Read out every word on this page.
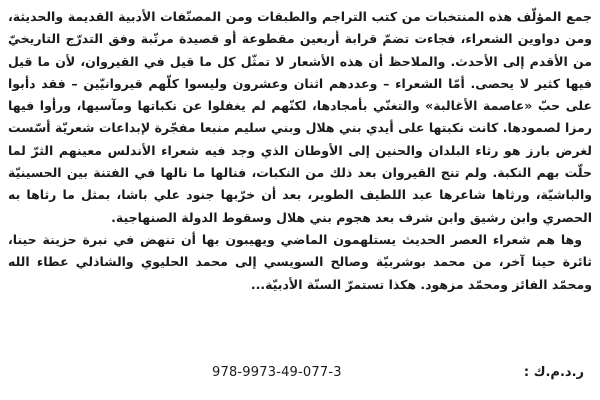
جمع المؤلّف هذه المنتخبات من كتب التراجم والطبقات ومن المصنّفات الأدبية القديمة والحديثة، ومن دواوين الشعراء، فجاءت تضمّ قرابة أربعين مقطوعة أو قصيدة مرتّبة وفق التدرّج التاريخيّ من الأقدم إلى الأحدث. والملاحظ أن هذه الأشعار لا تمثّل كل ما قيل في القيروان، لأن ما قيل فيها كثير لا يحصى. أمّا الشعراء – وعددهم اثنان وعشرون وليسوا كلّهم قيروانيّين – فقد دأبوا على حبّ «عاصمة الأغالبة» والتغنّي بأمجادها، لكنّهم لم يغفلوا عن نكباتها ومآسيها، ورأوا فيها رمزا لصمودها. كانت نكبتها على أيدي بني هلال وبني سليم منبعا مفجّرة لإبداعات شعريّة أسّست لغرض بارز هو رثاء البلدان والحنين إلى الأوطان الذي وجد فيه شعراء الأندلس معينهم الثرّ لما حلّت بهم النكبة. ولم تنج القيروان بعد ذلك من النكبات، فنالها ما نالها في الفتنة بين الحسينيّة والباشيّة، ورثاها شاعرها عبد اللطيف الطوير، بعد أن خرّبها جنود علي باشا، بمثل ما رثاها به الحصري وابن رشيق وابن شرف بعد هجوم بني هلال وسقوط الدولة الصنهاجية.

وها هم شعراء العصر الحديث يستلهمون الماضي ويهيبون بها أن تنهض في نبرة حزينة حينا، ثائرة حينا آخر، من محمد بوشربيّة وصالح السويسي إلى محمد الحليوي والشاذلي عطاء الله ومحمّد الفائز ومحمّد مزهود. هكذا تستمرّ السنّة الأدبيّة...

978-9973-49-077-3	ر.د.م.ك :
